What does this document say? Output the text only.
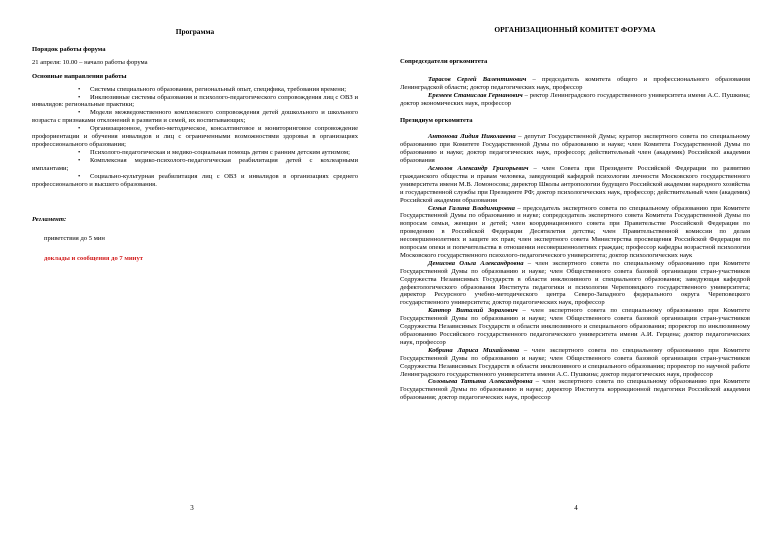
Программа
Порядок работы форума
21 апреля: 10.00 – начало работы форума
Основные направления работы
• Системы специального образования, региональный опыт, специфика, требования времени;
• Инклюзивные системы образования и психолого-педагогического сопровождения лиц с ОВЗ и инвалидов: региональные практики;
• Модели межведомственного комплексного сопровождения детей дошкольного и школьного возраста с признаками отклонений в развитии и семей, их воспитывающих;
• Организационное, учебно-методическое, консалтинговое и мониторинговое сопровождение профориентации и обучения инвалидов и лиц с ограниченными возможностями здоровья в организациях профессионального образования;
• Психолого-педагогическая и медико-социальная помощь детям с ранним детским аутизмом;
• Комплексная медико-психолого-педагогическая реабилитация детей с кохлеарными имплантами;
• Социально-культурная реабилитация лиц с ОВЗ и инвалидов в организациях среднего профессионального и высшего образования.
Регламент:
приветствия до 5 мин
доклады и сообщения до 7 минут
3
ОРГАНИЗАЦИОННЫЙ КОМИТЕТ ФОРУМА
Сопредседатели оргкомитета

Тарасов Сергей Валентинович – председатель комитета общего и профессионального образования Ленинградской области; доктор педагогических наук, профессор

Еремеев Станислав Германович – ректор Ленинградского государственного университета имени А.С. Пушкина; доктор экономических наук, профессор

Президиум оргкомитета

Антонова Лидия Николаевна – депутат Государственной Думы; куратор экспертного совета по специальному образованию при Комитете Государственной Думы по образованию и науке; член Комитета Государственной Думы по образованию и науке; доктор педагогических наук, профессор; действительный член (академик) Российской академии образования

Асмолов Александр Григорьевич – член Совета при Президенте Российской Федерации по развитию гражданского общества и правам человека, заведующий кафедрой психологии личности Московского государственного университета имени М.В. Ломоносова; директор Школы антропологии будущего Российской академии народного хозяйства и государственной службы при Президенте РФ; доктор психологических наук, профессор; действительный член (академик) Российской академии образования

Семья Галина Владимировна – председатель экспертного совета по специальному образованию при Комитете Государственной Думы по образованию и науке; сопредседатель экспертного совета Комитета Государственной Думы по вопросам семьи, женщин и детей; член координационного совета при Правительстве Российской Федерации по проведению в Российской Федерации Десятилетия детства; член Правительственной комиссии по делам несовершеннолетних и защите их прав; член экспертного совета Министерства просвещения Российской Федерации по вопросам опеки и попечительства в отношении несовершеннолетних граждан; профессор кафедры возрастной психологии Московского государственного психолого-педагогического университета; доктор психологических наук

Денисова Ольга Александровна – член экспертного совета по специальному образованию при Комитете Государственной Думы по образованию и науке; член Общественного совета базовой организации стран-участников Содружества Независимых Государств в области инклюзивного и специального образования; заведующая кафедрой дефектологического образования Института педагогики и психологии Череповецкого государственного университета; директор Ресурсного учебно-методического центра Северо-Западного федерального округа Череповецкого государственного университета; доктор педагогических наук, профессор

Кантор Виталий Зорахович – член экспертного совета по специальному образованию при Комитете Государственной Думы по образованию и науке; член Общественного совета базовой организации стран-участников Содружества Независимых Государств в области инклюзивного и специального образования; проректор по инклюзивному образованию Российского государственного педагогического университета имени А.И. Герцена; доктор педагогических наук, профессор

Кобрина Лариса Михайловна – член экспертного совета по специальному образованию при Комитете Государственной Думы по образованию и науке; член Общественного совета базовой организации стран-участников Содружества Независимых Государств в области инклюзивного и специального образования; проректор по научной работе Ленинградского государственного университета имени А.С. Пушкина; доктор педагогических наук, профессор

Соловьева Татьяна Александровна – член экспертного совета по специальному образованию при Комитете Государственной Думы по образованию и науке; директор Института коррекционной педагогики Российской академии образования; доктор педагогических наук, профессор

4
